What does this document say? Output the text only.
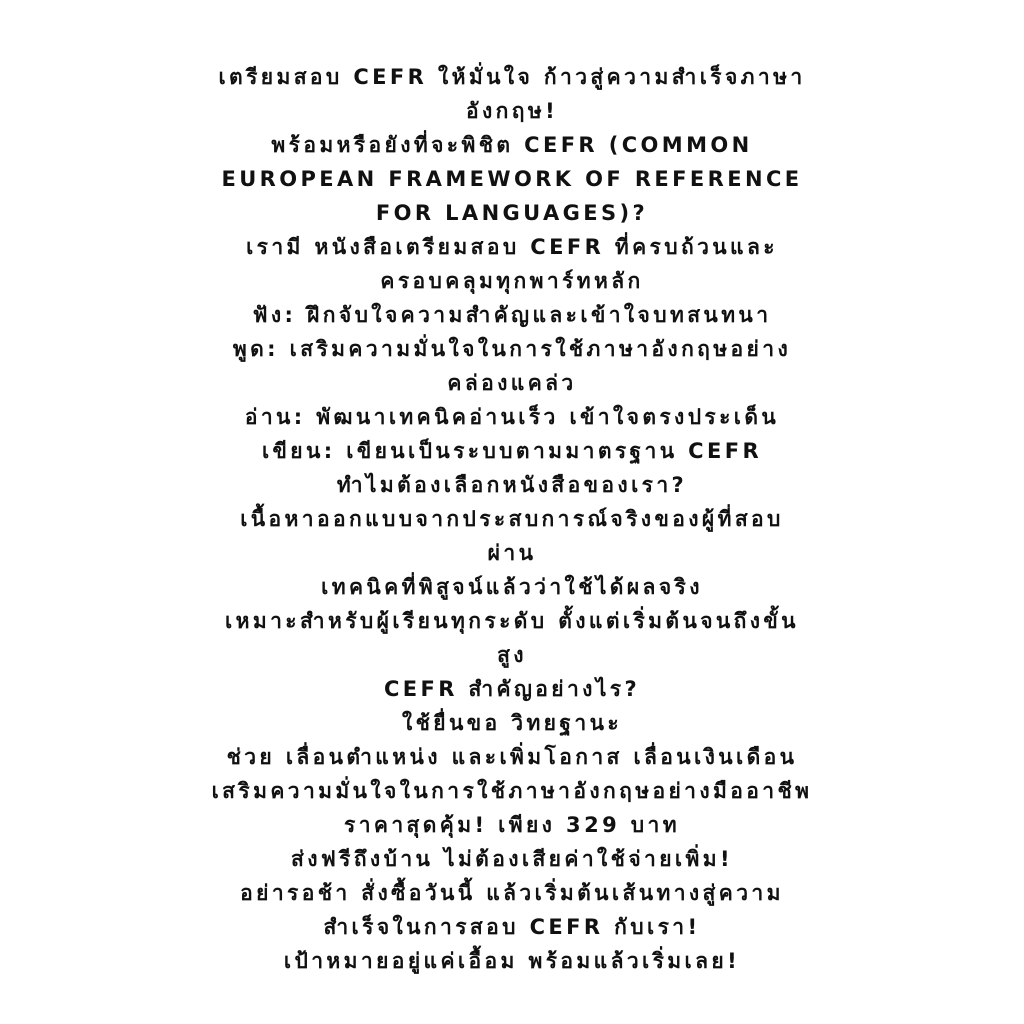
เตรียมสอบ CEFR ให้มั่นใจ ก้าวสู่ความสำเร็จภาษา

อังกฤษ!

พร้อมหรือยังที่จะพิชิต CEFR (COMMON

EUROPEAN FRAMEWORK OF REFERENCE

FOR LANGUAGES)?

เรามี หนังสือเตรียมสอบ CEFR ที่ครบถ้วนและ

ครอบคลุมทุกพาร์ทหลัก

ฟัง: ฝึกจับใจความสำคัญและเข้าใจบทสนทนา

พูด: เสริมความมั่นใจในการใช้ภาษาอังกฤษอย่าง

คล่องแคล่ว

อ่าน: พัฒนาเทคนิคอ่านเร็ว เข้าใจตรงประเด็น

เขียน: เขียนเป็นระบบตามมาตรฐาน CEFR

ทำไมต้องเลือกหนังสือของเรา?

เนื้อหาออกแบบจากประสบการณ์จริงของผู้ที่สอบ

ผ่าน

เทคนิคที่พิสูจน์แล้วว่าใช้ได้ผลจริง

เหมาะสำหรับผู้เรียนทุกระดับ ตั้งแต่เริ่มต้นจนถึงขั้น

สูง

CEFR สำคัญอย่างไร?

ใช้ยื่นขอ วิทยฐานะ

ช่วย เลื่อนตำแหน่ง และเพิ่มโอกาส เลื่อนเงินเดือน

เสริมความมั่นใจในการใช้ภาษาอังกฤษอย่างมืออาชีพ

ราคาสุดคุ้ม! เพียง 329 บาท

ส่งฟรีถึงบ้าน ไม่ต้องเสียค่าใช้จ่ายเพิ่ม!

อย่ารอช้า สั่งซื้อวันนี้ แล้วเริ่มต้นเส้นทางสู่ความ

สำเร็จในการสอบ CEFR กับเรา!

เป้าหมายอยู่แค่เอื้อม พร้อมแล้วเริ่มเลย!
